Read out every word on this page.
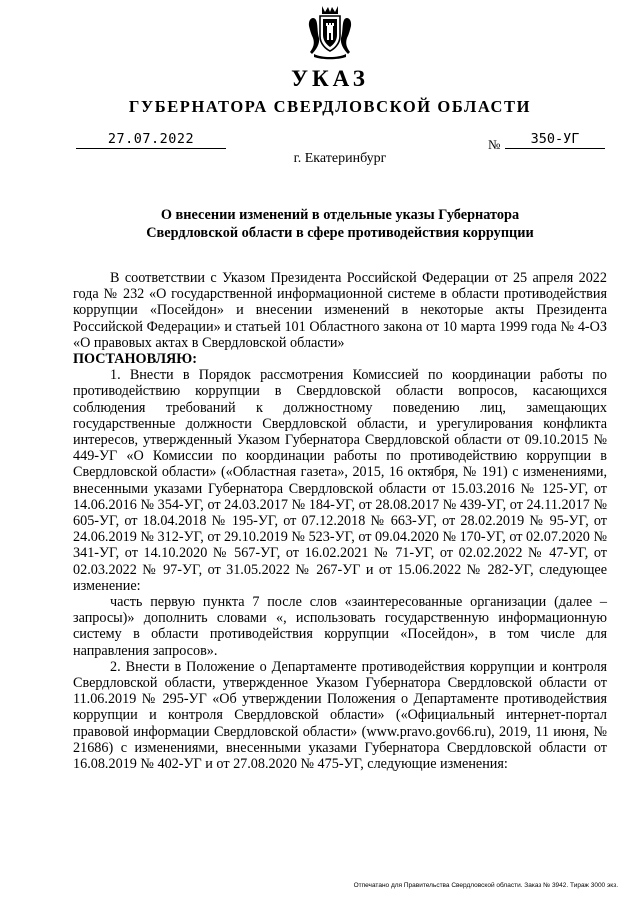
УКАЗ
ГУБЕРНАТОРА СВЕРДЛОВСКОЙ ОБЛАСТИ
27.07.2022	№	350-УГ
г. Екатеринбург
О внесении изменений в отдельные указы Губернатора
Свердловской области в сфере противодействия коррупции

В соответствии с Указом Президента Российской Федерации от 25 апреля 2022 года № 232 «О государственной информационной системе в области противодействия коррупции «Посейдон» и внесении изменений в некоторые акты Президента Российской Федерации» и статьей 101 Областного закона от 10 марта 1999 года № 4-ОЗ «О правовых актах в Свердловской области»

ПОСТАНОВЛЯЮ:

1. Внести в Порядок рассмотрения Комиссией по координации работы по противодействию коррупции в Свердловской области вопросов, касающихся соблюдения требований к должностному поведению лиц, замещающих государственные должности Свердловской области, и урегулирования конфликта интересов, утвержденный Указом Губернатора Свердловской области от 09.10.2015 № 449-УГ «О Комиссии по координации работы по противодействию коррупции в Свердловской области» («Областная газета», 2015, 16 октября, № 191) с изменениями, внесенными указами Губернатора Свердловской области от 15.03.2016 № 125-УГ, от 14.06.2016 № 354-УГ, от 24.03.2017 № 184-УГ, от 28.08.2017 № 439-УГ, от 24.11.2017 № 605-УГ, от 18.04.2018 № 195-УГ, от 07.12.2018 № 663-УГ, от 28.02.2019 № 95-УГ, от 24.06.2019 № 312-УГ, от 29.10.2019 № 523-УГ, от 09.04.2020 № 170-УГ, от 02.07.2020 № 341-УГ, от 14.10.2020 № 567-УГ, от 16.02.2021 № 71-УГ, от 02.02.2022 № 47-УГ, от 02.03.2022 № 97-УГ, от 31.05.2022 № 267-УГ и от 15.06.2022 № 282-УГ, следующее изменение:

часть первую пункта 7 после слов «заинтересованные организации (далее – запросы)» дополнить словами «, использовать государственную информационную систему в области противодействия коррупции «Посейдон», в том числе для направления запросов».

2. Внести в Положение о Департаменте противодействия коррупции и контроля Свердловской области, утвержденное Указом Губернатора Свердловской области от 11.06.2019 № 295-УГ «Об утверждении Положения о Департаменте противодействия коррупции и контроля Свердловской области» («Официальный интернет-портал правовой информации Свердловской области» (www.pravo.gov66.ru), 2019, 11 июня, № 21686) с изменениями, внесенными указами Губернатора Свердловской области от 16.08.2019 № 402-УГ и от 27.08.2020 № 475-УГ, следующие изменения:

Отпечатано для Правительства Свердловской области. Заказ № 3942. Тираж 3000 экз.
